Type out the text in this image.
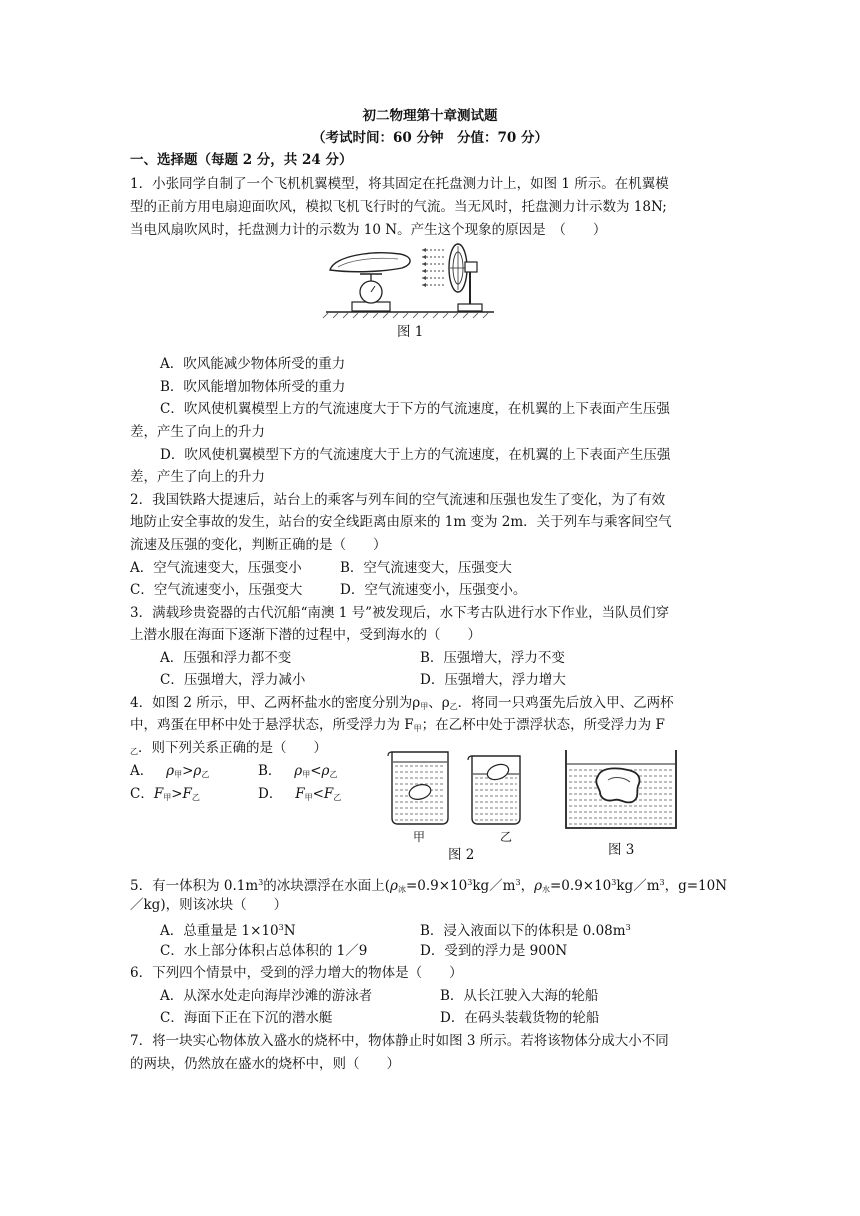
初二物理第十章测试题
（考试时间：60 分钟　分值：70 分）
一、选择题（每题 2 分，共 24 分）
1．小张同学自制了一个飞机机翼模型，将其固定在托盘测力计上，如图 1 所示。在机翼模
型的正前方用电扇迎面吹风，模拟飞机飞行时的气流。当无风时，托盘测力计示数为 18N;
当电风扇吹风时，托盘测力计的示数为 10 N。产生这个现象的原因是　（　　）
图 1
A．吹风能减少物体所受的重力
B．吹风能增加物体所受的重力
C．吹风使机翼模型上方的气流速度大于下方的气流速度，在机翼的上下表面产生压强
差，产生了向上的升力
D．吹风使机翼模型下方的气流速度大于上方的气流速度，在机翼的上下表面产生压强
差，产生了向上的升力
2．我国铁路大提速后，站台上的乘客与列车间的空气流速和压强也发生了变化，为了有效
地防止安全事故的发生，站台的安全线距离由原来的 1m 变为 2m．关于列车与乘客间空气
流速及压强的变化，判断正确的是（　　）
A．空气流速变大，压强变小	B．空气流速变大，压强变大
C．空气流速变小，压强变大	D．空气流速变小，压强变小。
3．满载珍贵瓷器的古代沉船“南澳 1 号”被发现后，水下考古队进行水下作业，当队员们穿
上潜水服在海面下逐渐下潜的过程中，受到海水的（　　）
A．压强和浮力都不变	B．压强增大，浮力不变
C．压强增大，浮力减小	D．压强增大，浮力增大
4．如图 2 所示，甲、乙两杯盐水的密度分别为$\rho_甲$、$\rho_乙$．将同一只鸡蛋先后放入甲、乙两杯
中，鸡蛋在甲杯中处于悬浮状态，所受浮力为 $F_甲$；在乙杯中处于漂浮状态，所受浮力为 F
$_乙$．则下列关系正确的是（　　）
A． $\rho_甲>\rho_乙$	B． $\rho_甲<\rho_乙$
C．$F_甲>F_乙$	D． $F_甲<F_乙$
甲	乙
图 2	图 3
5．有一体积为 $0.1m^3$的冰块漂浮在水面上($\rho_冰=0.9\times 10^3kg/m^3$，$\rho_水=0.9\times 10^3kg/m^3$，g=10N
／kg)，则该冰块（　　）
A．总重量是 $1\times 10^3N$	B．浸入液面以下的体积是 $0.08m^3$
C．水上部分体积占总体积的 1／9	D．受到的浮力是 900N
6．下列四个情景中，受到的浮力增大的物体是（　　）
A．从深水处走向海岸沙滩的游泳者	B．从长江驶入大海的轮船
C．海面下正在下沉的潜水艇	D．在码头装载货物的轮船
7．将一块实心物体放入盛水的烧杯中，物体静止时如图 3 所示。若将该物体分成大小不同
的两块，仍然放在盛水的烧杯中，则（　　）
